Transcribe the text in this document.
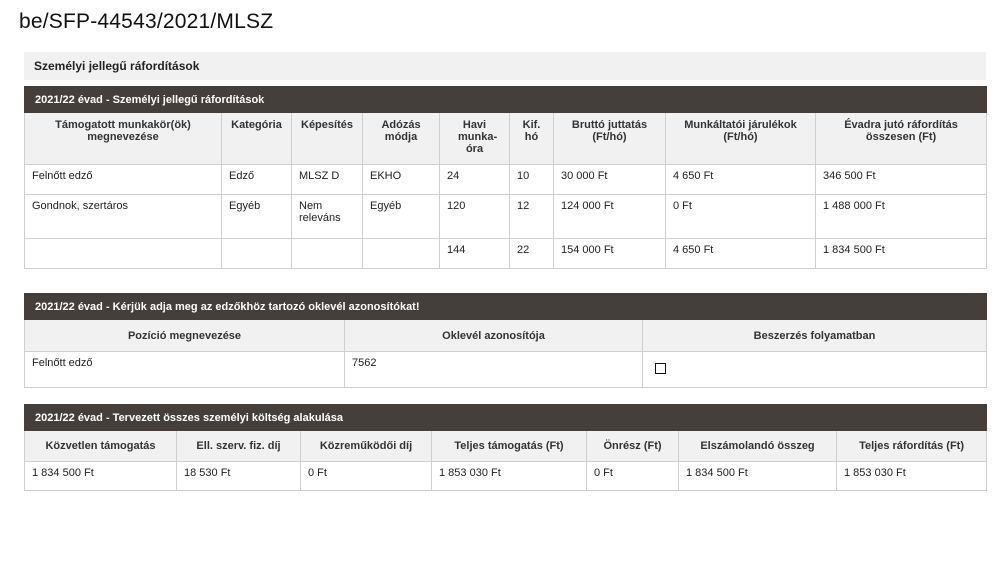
be/SFP-44543/2021/MLSZ
Személyi jellegű ráfordítások
2021/22 évad - Személyi jellegű ráfordítások								
Támogatott munkakör(ök) megnevezése	Kategória	Képesítés	Adózás módja	Havi munka-óra	Kif. hó	Bruttó juttatás (Ft/hó)	Munkáltatói járulékok (Ft/hó)	Évadra jutó ráfordítás összesen (Ft)
Felnőtt edző	Edző	MLSZ D	EKHO	24	10	30 000 Ft	4 650 Ft	346 500 Ft
Gondnok, szertáros	Egyéb	Nem releváns	Egyéb	120	12	124 000 Ft	0 Ft	1 488 000 Ft
				144	22	154 000 Ft	4 650 Ft	1 834 500 Ft
2021/22 évad - Kérjük adja meg az edzőkhöz tartozó oklevél azonosítókat!		
Pozíció megnevezése	Oklevél azonosítója	Beszerzés folyamatban
Felnőtt edző	7562	
2021/22 évad - Tervezett összes személyi költség alakulása						
Közvetlen támogatás	Ell. szerv. fiz. díj	Közreműködői díj	Teljes támogatás (Ft)	Önrész (Ft)	Elszámolandó összeg	Teljes ráfordítás (Ft)
1 834 500 Ft	18 530 Ft	0 Ft	1 853 030 Ft	0 Ft	1 834 500 Ft	1 853 030 Ft
